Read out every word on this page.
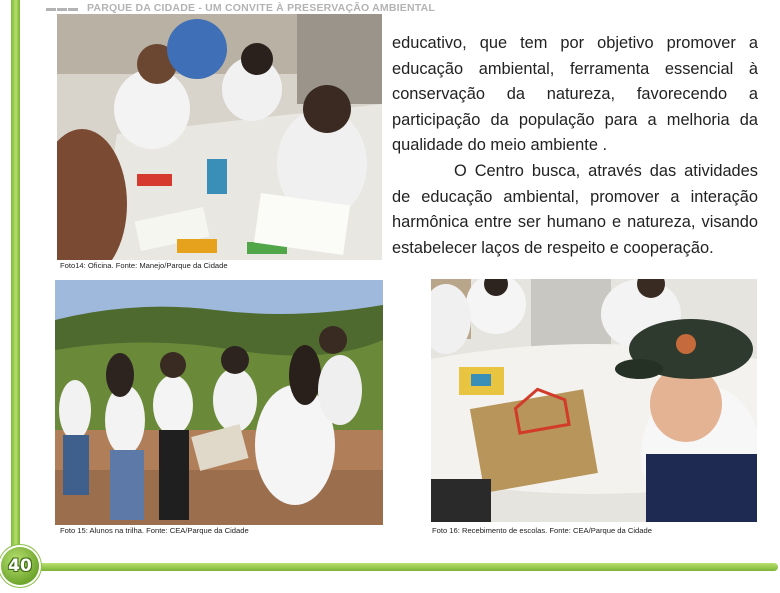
▬▬▬ PARQUE DA CIDADE - UM CONVITE À PRESERVAÇÃO AMBIENTAL
Foto14: Oficina. Fonte: Manejo/Parque da Cidade

educativo, que tem por objetivo promover a educação ambiental, ferramenta essencial à conservação da natureza, favorecendo a participação da população para a melhoria da qualidade do meio ambiente .

O Centro busca, através das atividades de educação ambiental, promover a interação harmônica entre ser humano e natureza, visando estabelecer laços de respeito e cooperação.

Foto 15: Alunos na trilha. Fonte: CEA/Parque da Cidade	Foto 16: Recebimento de escolas. Fonte: CEA/Parque da Cidade
40
